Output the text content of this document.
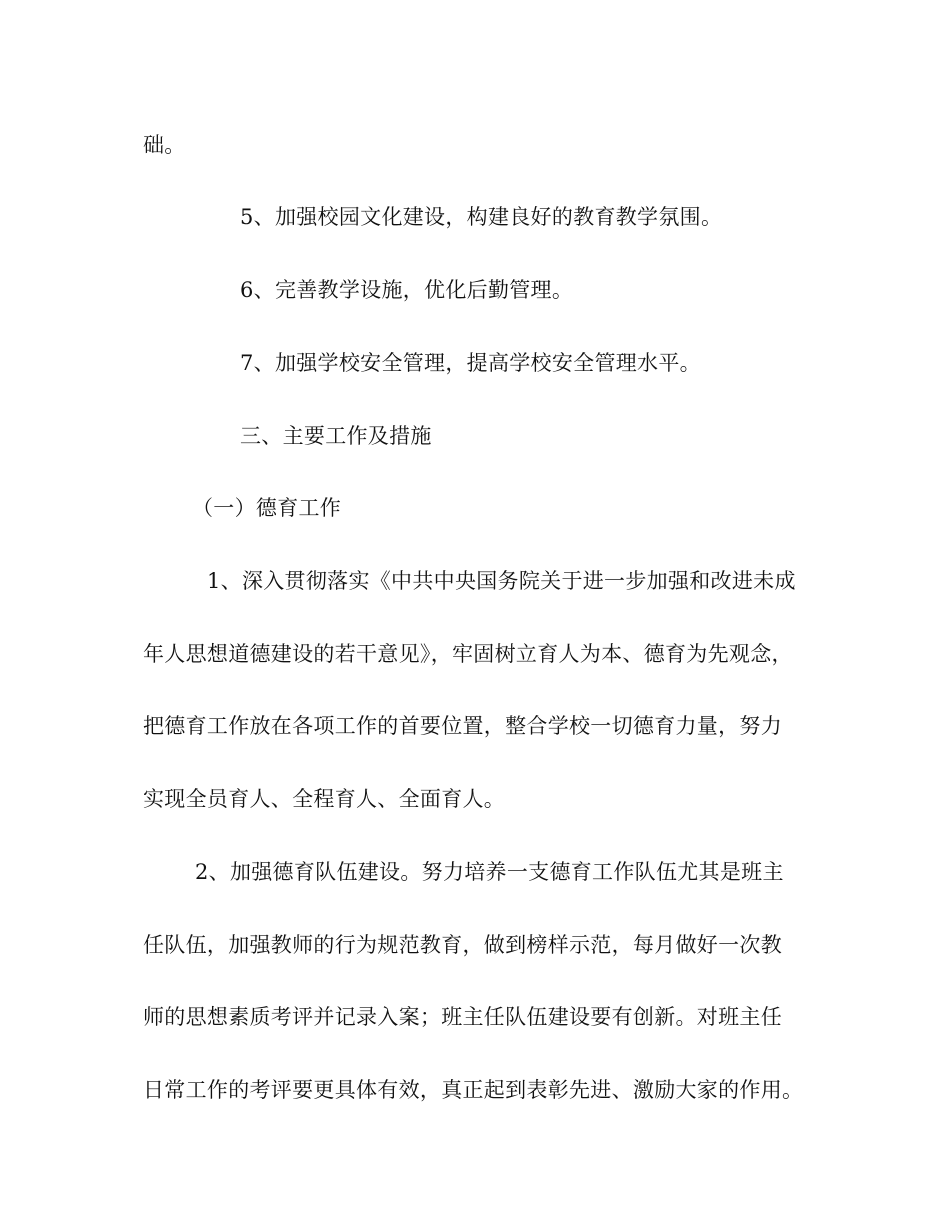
础。
5、加强校园文化建设，构建良好的教育教学氛围。
6、完善教学设施，优化后勤管理。
7、加强学校安全管理，提高学校安全管理水平。
三、主要工作及措施
（一）德育工作
1、深入贯彻落实《中共中央国务院关于进一步加强和改进未成
年人思想道德建设的若干意见》，牢固树立育人为本、德育为先观念，
把德育工作放在各项工作的首要位置，整合学校一切德育力量，努力
实现全员育人、全程育人、全面育人。
2、加强德育队伍建设。努力培养一支德育工作队伍尤其是班主
任队伍，加强教师的行为规范教育，做到榜样示范，每月做好一次教
师的思想素质考评并记录入案；班主任队伍建设要有创新。对班主任
日常工作的考评要更具体有效，真正起到表彰先进、激励大家的作用。
